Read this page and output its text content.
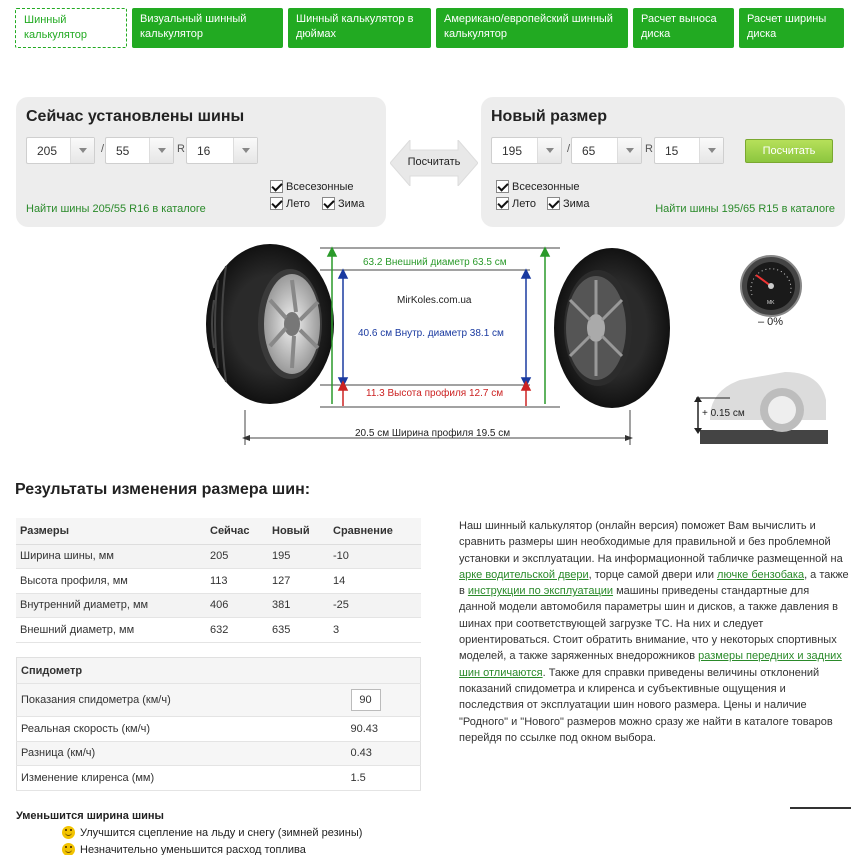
Шинный калькулятор
Визуальный шинный калькулятор
Шинный калькулятор в дюймах
Американо/европейский шинный калькулятор
Расчет выноса диска
Расчет ширины диска
Сейчас установлены шины
205	/ 55	R 16
Всесезонные
Лето	Зима
Найти шины 205/55 R16 в каталоге
Посчитать
Новый размер
195	/ 65	R 15	Посчитать
Всесезонные
Лето Зима	Найти шины 195/65 R15 в каталоге
63.2 Внешний диаметр 63.5 см
MirKoles.com.ua
40.6 см Внутр. диаметр 38.1 см
11.3 Высота профиля 12.7 см
20.5 см Ширина профиля 19.5 см
MK
– 0%
+ 0.15 см
Результаты изменения размера шин:
Размеры	Сейчас	Новый	Сравнение
Ширина шины, мм	205	195	-10
Высота профиля, мм	113	127	14
Внутренний диаметр, мм	406	381	-25
Внешний диаметр, мм	632	635	3
Спидометр	
Показания спидометра (км/ч)	90
Реальная скорость (км/ч)	90.43
Разница (км/ч)	0.43
Изменение клиренса (мм)	1.5
Наш шинный калькулятор (онлайн версия) поможет Вам вычислить и сравнить размеры шин необходимые для правильной и без проблемной установки и эксплуатации. На информационной табличке размещенной на арке водительской двери, торце самой двери или лючке бензобака, а также в инструкции по эксплуатации машины приведены стандартные для данной модели автомобиля параметры шин и дисков, а также давления в шинах при соответствующей загрузке ТС. На них и следует ориентироваться. Стоит обратить внимание, что у некоторых спортивных моделей, а также заряженных внедорожников размеры передних и задних шин отличаются. Также для справки приведены величины отклонений показаний спидометра и клиренса и субъективные ощущения и последствия от эксплуатации шин нового размера. Цены и наличие "Родного" и "Нового" размеров можно сразу же найти в каталоге товаров перейдя по ссылке под окном выбора.
Уменьшится ширина шины
Улучшится сцепление на льду и снегу (зимней резины)
Незначительно уменьшится расход топлива
